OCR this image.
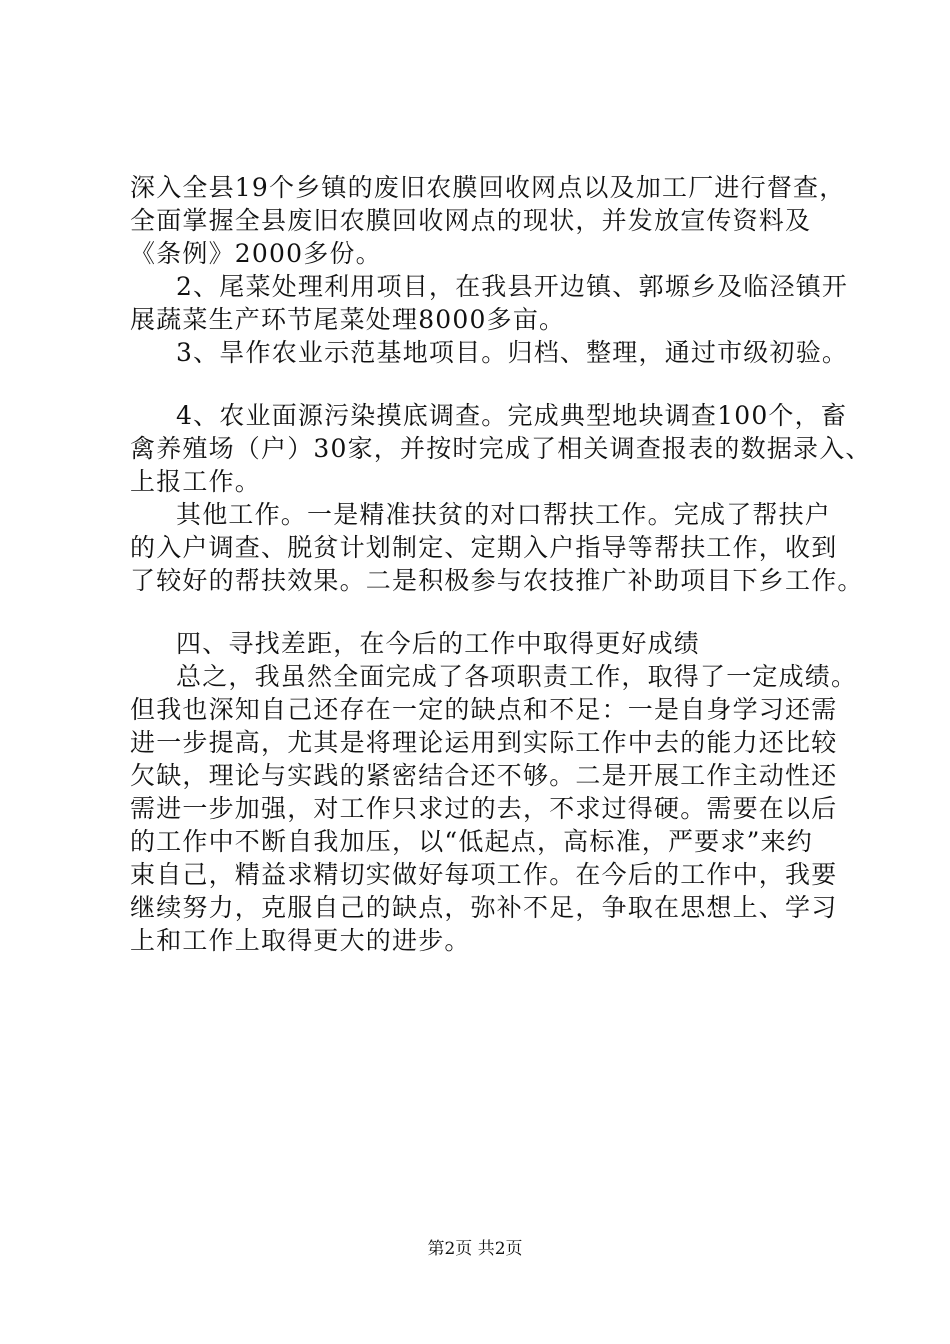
深入全县19个乡镇的废旧农膜回收网点以及加工厂进行督查，
全面掌握全县废旧农膜回收网点的现状，并发放宣传资料及
《条例》2000多份。
2、尾菜处理利用项目，在我县开边镇、郭塬乡及临泾镇开
展蔬菜生产环节尾菜处理8000多亩。
3、旱作农业示范基地项目。归档、整理，通过市级初验。
4、农业面源污染摸底调查。完成典型地块调查100个，畜
禽养殖场（户）30家，并按时完成了相关调查报表的数据录入、
上报工作。
其他工作。一是精准扶贫的对口帮扶工作。完成了帮扶户
的入户调查、脱贫计划制定、定期入户指导等帮扶工作，收到
了较好的帮扶效果。二是积极参与农技推广补助项目下乡工作。
四、寻找差距，在今后的工作中取得更好成绩
总之，我虽然全面完成了各项职责工作，取得了一定成绩。
但我也深知自己还存在一定的缺点和不足：一是自身学习还需
进一步提高，尤其是将理论运用到实际工作中去的能力还比较
欠缺，理论与实践的紧密结合还不够。二是开展工作主动性还
需进一步加强，对工作只求过的去，不求过得硬。需要在以后
的工作中不断自我加压，以“低起点，高标准，严要求”来约
束自己，精益求精切实做好每项工作。在今后的工作中，我要
继续努力，克服自己的缺点，弥补不足，争取在思想上、学习
上和工作上取得更大的进步。
第2页 共2页
